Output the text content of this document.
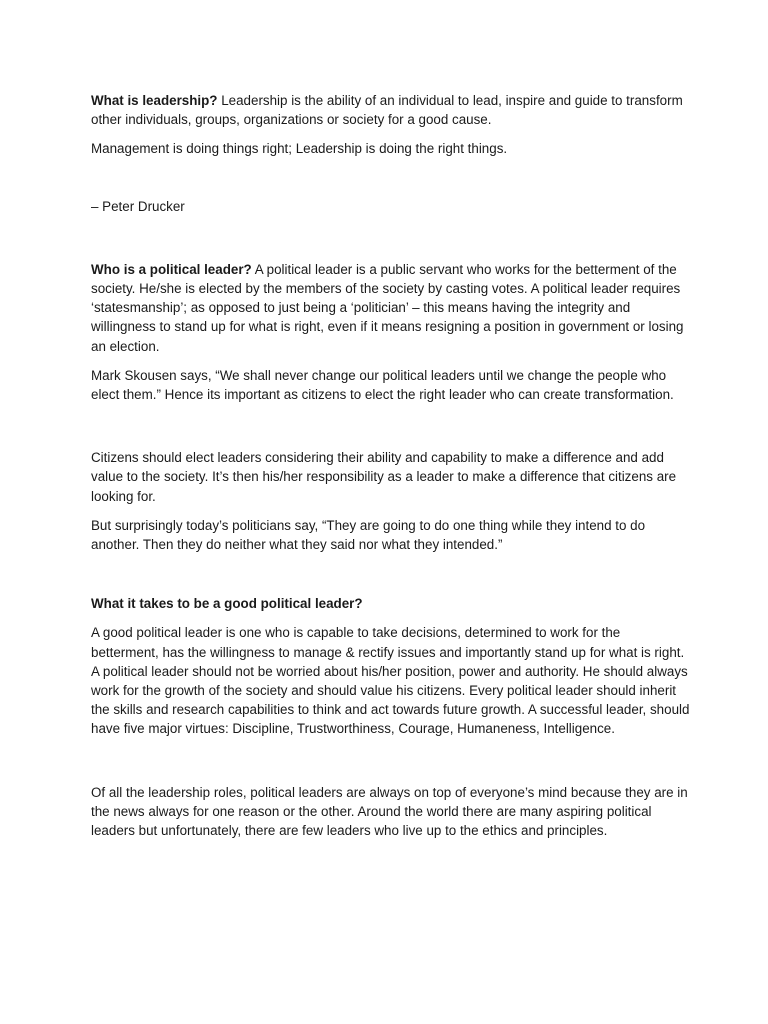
What is leadership? Leadership is the ability of an individual to lead, inspire and guide to transform other individuals, groups, organizations or society for a good cause.

Management is doing things right; Leadership is doing the right things.

– Peter Drucker

Who is a political leader? A political leader is a public servant who works for the betterment of the society. He/she is elected by the members of the society by casting votes. A political leader requires ‘statesmanship’; as opposed to just being a ‘politician’ – this means having the integrity and willingness to stand up for what is right, even if it means resigning a position in government or losing an election.

Mark Skousen says, “We shall never change our political leaders until we change the people who elect them.” Hence its important as citizens to elect the right leader who can create transformation.

Citizens should elect leaders considering their ability and capability to make a difference and add value to the society. It’s then his/her responsibility as a leader to make a difference that citizens are looking for.

But surprisingly today’s politicians say, “They are going to do one thing while they intend to do another. Then they do neither what they said nor what they intended.”

What it takes to be a good political leader?

A good political leader is one who is capable to take decisions, determined to work for the betterment, has the willingness to manage & rectify issues and importantly stand up for what is right. A political leader should not be worried about his/her position, power and authority. He should always work for the growth of the society and should value his citizens. Every political leader should inherit the skills and research capabilities to think and act towards future growth. A successful leader, should have five major virtues: Discipline, Trustworthiness, Courage, Humaneness, Intelligence.

Of all the leadership roles, political leaders are always on top of everyone’s mind because they are in the news always for one reason or the other. Around the world there are many aspiring political leaders but unfortunately, there are few leaders who live up to the ethics and principles.
